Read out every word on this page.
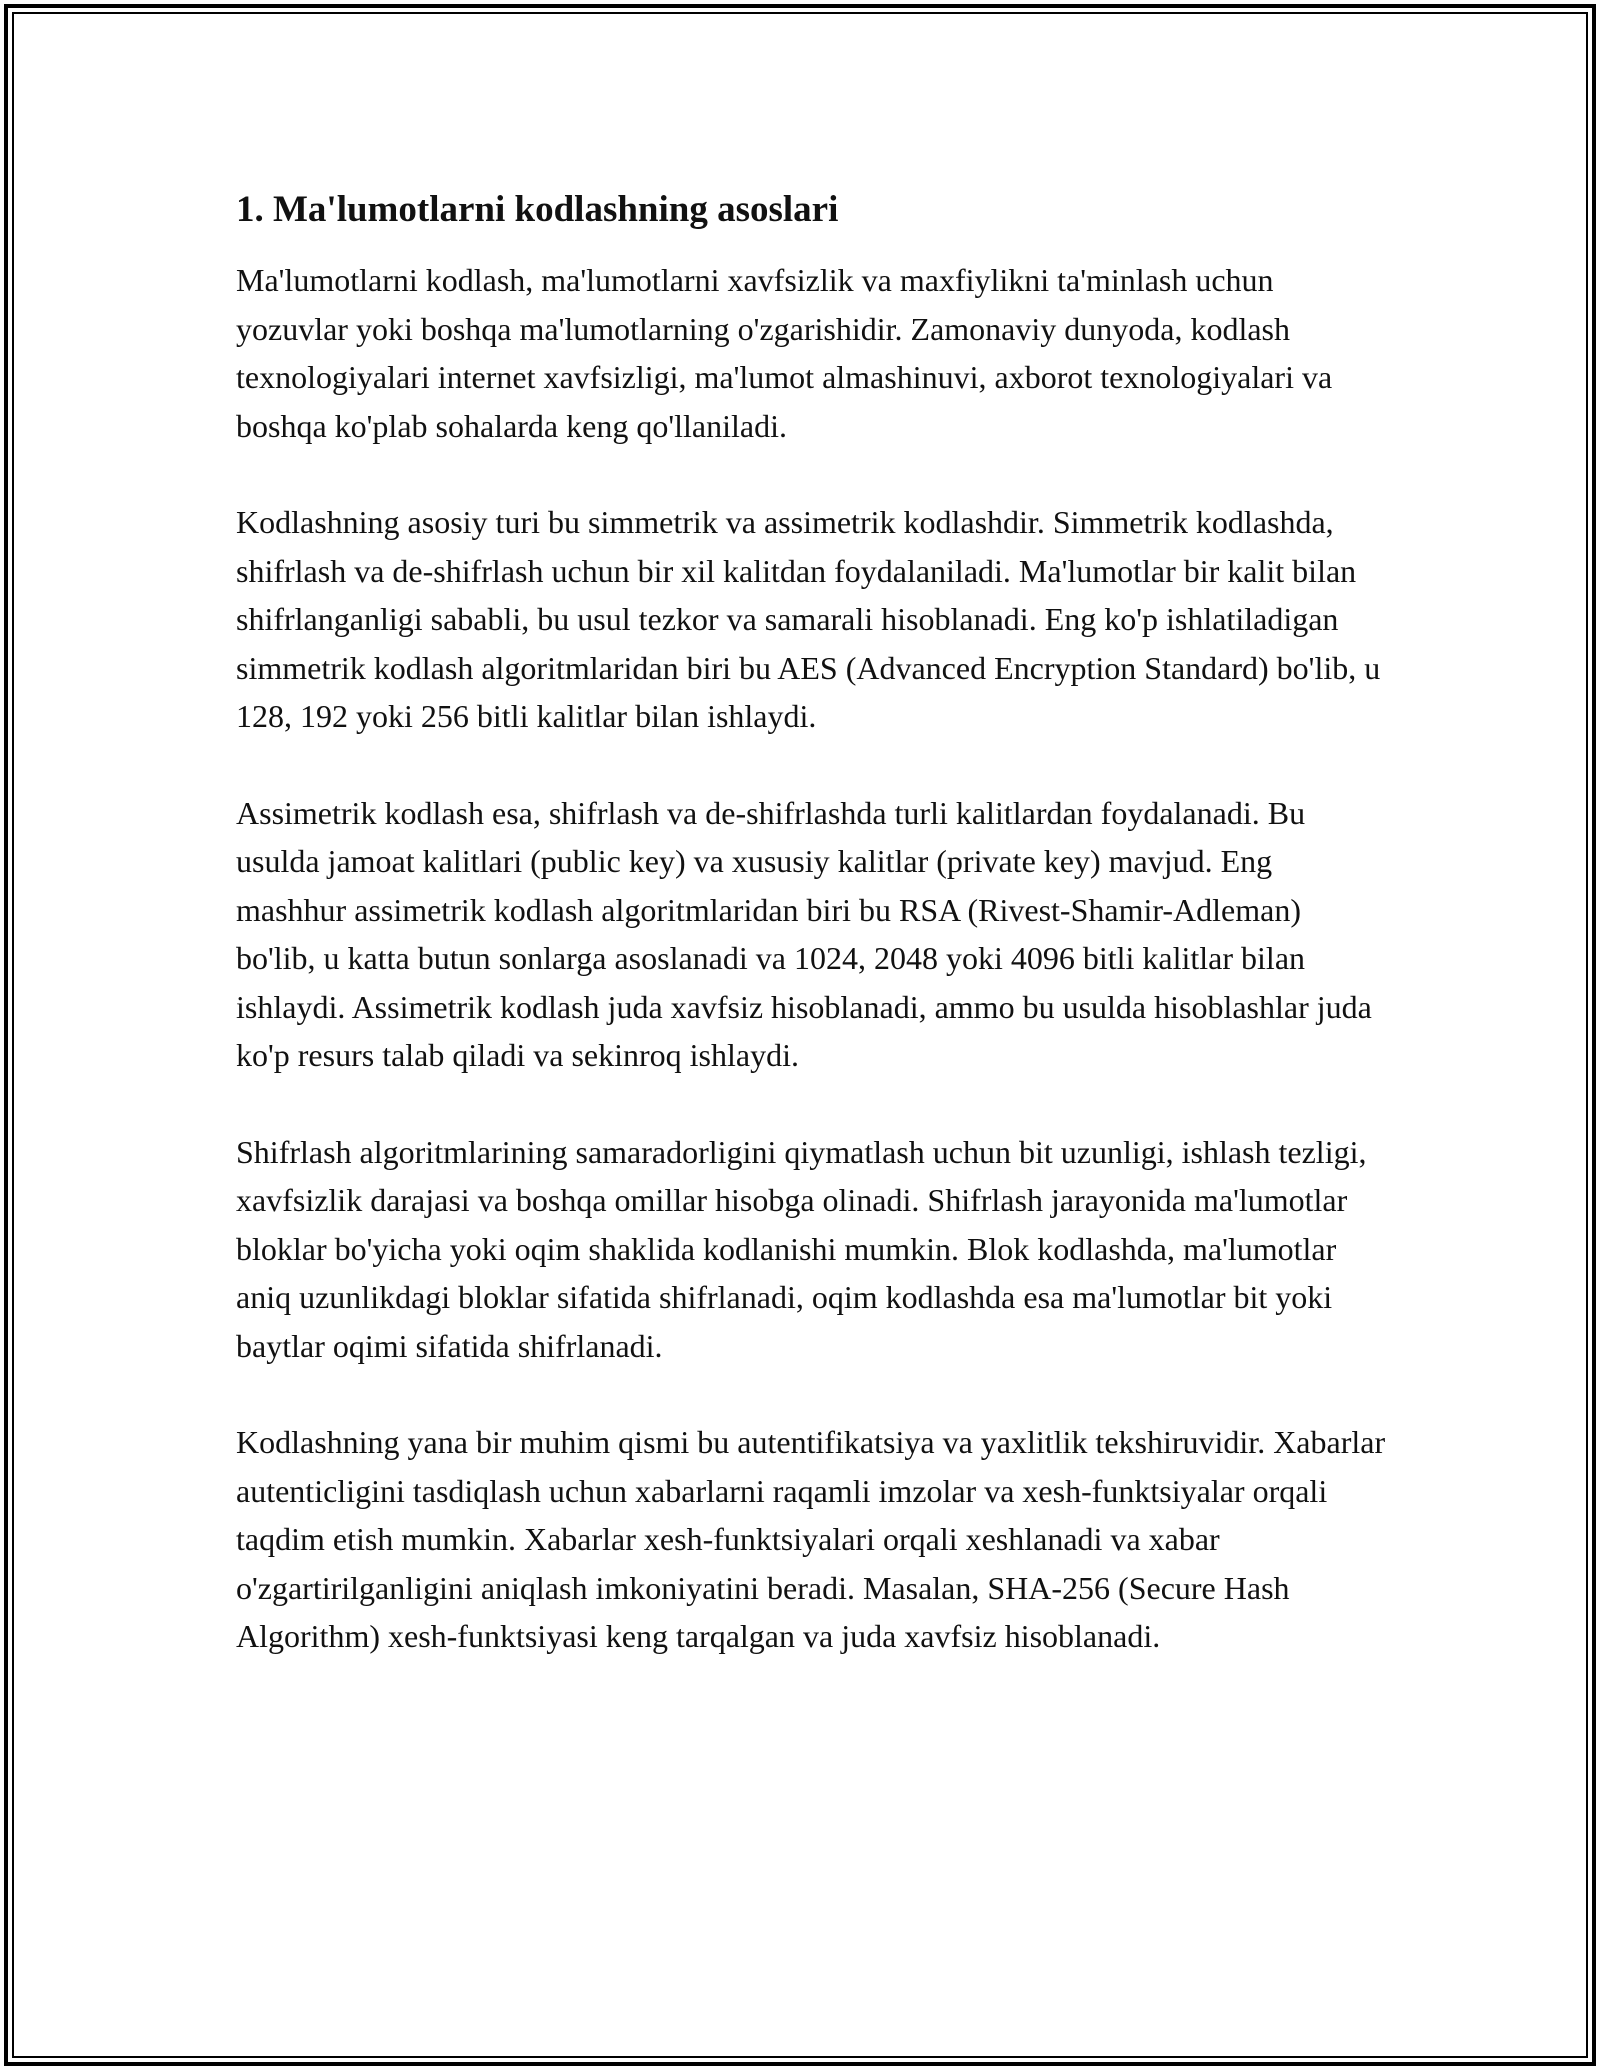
1. Ma'lumotlarni kodlashning asoslari

Ma'lumotlarni kodlash, ma'lumotlarni xavfsizlik va maxfiylikni ta'minlash uchun yozuvlar yoki boshqa ma'lumotlarning o'zgarishidir. Zamonaviy dunyoda, kodlash texnologiyalari internet xavfsizligi, ma'lumot almashinuvi, axborot texnologiyalari va boshqa ko'plab sohalarda keng qo'llaniladi.

Kodlashning asosiy turi bu simmetrik va assimetrik kodlashdir. Simmetrik kodlashda, shifrlash va de-shifrlash uchun bir xil kalitdan foydalaniladi. Ma'lumotlar bir kalit bilan shifrlanganligi sababli, bu usul tezkor va samarali hisoblanadi. Eng ko'p ishlatiladigan simmetrik kodlash algoritmlaridan biri bu AES (Advanced Encryption Standard) bo'lib, u 128, 192 yoki 256 bitli kalitlar bilan ishlaydi.

Assimetrik kodlash esa, shifrlash va de-shifrlashda turli kalitlardan foydalanadi. Bu usulda jamoat kalitlari (public key) va xususiy kalitlar (private key) mavjud. Eng mashhur assimetrik kodlash algoritmlaridan biri bu RSA (Rivest-Shamir-Adleman) bo'lib, u katta butun sonlarga asoslanadi va 1024, 2048 yoki 4096 bitli kalitlar bilan ishlaydi. Assimetrik kodlash juda xavfsiz hisoblanadi, ammo bu usulda hisoblashlar juda ko'p resurs talab qiladi va sekinroq ishlaydi.

Shifrlash algoritmlarining samaradorligini qiymatlash uchun bit uzunligi, ishlash tezligi, xavfsizlik darajasi va boshqa omillar hisobga olinadi. Shifrlash jarayonida ma'lumotlar bloklar bo'yicha yoki oqim shaklida kodlanishi mumkin. Blok kodlashda, ma'lumotlar aniq uzunlikdagi bloklar sifatida shifrlanadi, oqim kodlashda esa ma'lumotlar bit yoki baytlar oqimi sifatida shifrlanadi.

Kodlashning yana bir muhim qismi bu autentifikatsiya va yaxlitlik tekshiruvidir. Xabarlar autenticligini tasdiqlash uchun xabarlarni raqamli imzolar va xesh-funktsiyalar orqali taqdim etish mumkin. Xabarlar xesh-funktsiyalari orqali xeshlanadi va xabar o'zgartirilganligini aniqlash imkoniyatini beradi. Masalan, SHA-256 (Secure Hash Algorithm) xesh-funktsiyasi keng tarqalgan va juda xavfsiz hisoblanadi.
